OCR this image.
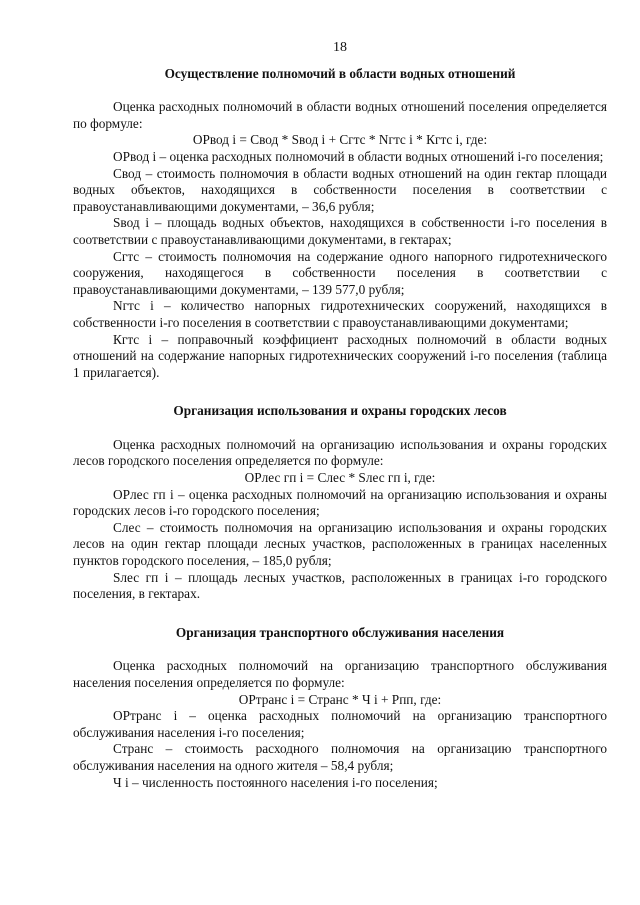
18
Осуществление полномочий в области водных отношений

Оценка расходных полномочий в области водных отношений поселения определяется по формуле:

ОРвод i = Свод * Sвод i + Сгтс * Nгтс i * Кгтс i, где:

ОРвод i – оценка расходных полномочий в области водных отношений i-го поселения;

Свод – стоимость полномочия в области водных отношений на один гектар площади водных объектов, находящихся в собственности поселения в соответствии с правоустанавливающими документами, – 36,6 рубля;

Sвод i – площадь водных объектов, находящихся в собственности i-го поселения в соответствии с правоустанавливающими документами, в гектарах;

Сгтс – стоимость полномочия на содержание одного напорного гидротехнического сооружения, находящегося в собственности поселения в соответствии с правоустанавливающими документами, – 139 577,0 рубля;

Nгтс i – количество напорных гидротехнических сооружений, находящихся в собственности i-го поселения в соответствии с правоустанавливающими документами;

Кгтс i – поправочный коэффициент расходных полномочий в области водных отношений на содержание напорных гидротехнических сооружений i-го поселения (таблица 1 прилагается).

Организация использования и охраны городских лесов

Оценка расходных полномочий на организацию использования и охраны городских лесов городского поселения определяется по формуле:

ОРлес гп i = Слес * Sлес гп i, где:

ОРлес гп i – оценка расходных полномочий на организацию использования и охраны городских лесов i-го городского поселения;

Слес – стоимость полномочия на организацию использования и охраны городских лесов на один гектар площади лесных участков, расположенных в границах населенных пунктов городского поселения, – 185,0 рубля;

Sлес гп i – площадь лесных участков, расположенных в границах i-го городского поселения, в гектарах.

Организация транспортного обслуживания населения

Оценка расходных полномочий на организацию транспортного обслуживания населения поселения определяется по формуле:

ОРтранс i = Странс * Ч i + Рпп, где:

ОРтранс i – оценка расходных полномочий на организацию транспортного обслуживания населения i-го поселения;

Странс – стоимость расходного полномочия на организацию транспортного обслуживания населения на одного жителя – 58,4 рубля;

Ч i – численность постоянного населения i-го поселения;
